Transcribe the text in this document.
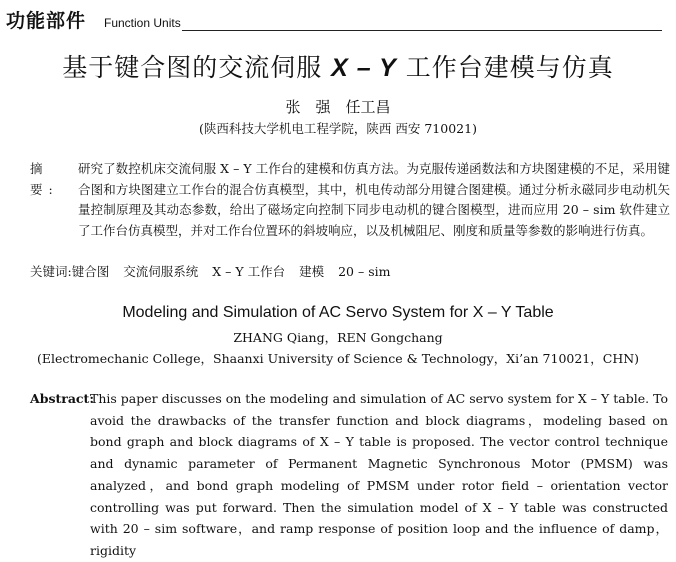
功能部件 Function Units
基于键合图的交流伺服 X – Y 工作台建模与仿真
张　强　任工昌
(陕西科技大学机电工程学院，陕西 西安 710021)
摘　要:
研究了数控机床交流伺服 X – Y 工作台的建模和仿真方法。为克服传递函数法和方块图建模的不足，采用键合图和方块图建立工作台的混合仿真模型，其中，机电传动部分用键合图建模。通过分析永磁同步电动机矢量控制原理及其动态参数，给出了磁场定向控制下同步电动机的键合图模型，进而应用 20 – sim 软件建立了工作台仿真模型，并对工作台位置环的斜坡响应，以及机械阻尼、刚度和质量等参数的影响进行仿真。
关键词:键合图 交流伺服系统 X – Y 工作台 建模 20 – sim
Modeling and Simulation of AC Servo System for X – Y Table
ZHANG Qiang，REN Gongchang
(Electromechanic College，Shaanxi University of Science & Technology，Xi’an 710021，CHN)
Abstract:
This paper discusses on the modeling and simulation of AC servo system for X – Y table. To avoid the drawbacks of the transfer function and block diagrams，modeling based on bond graph and block diagrams of X – Y table is proposed. The vector control technique and dynamic parameter of Permanent Magnetic Synchronous Motor (PMSM) was analyzed，and bond graph modeling of PMSM under rotor field – orientation vector controlling was put forward. Then the simulation model of X – Y table was constructed with 20 – sim software，and ramp response of position loop and the influence of damp，rigidity
